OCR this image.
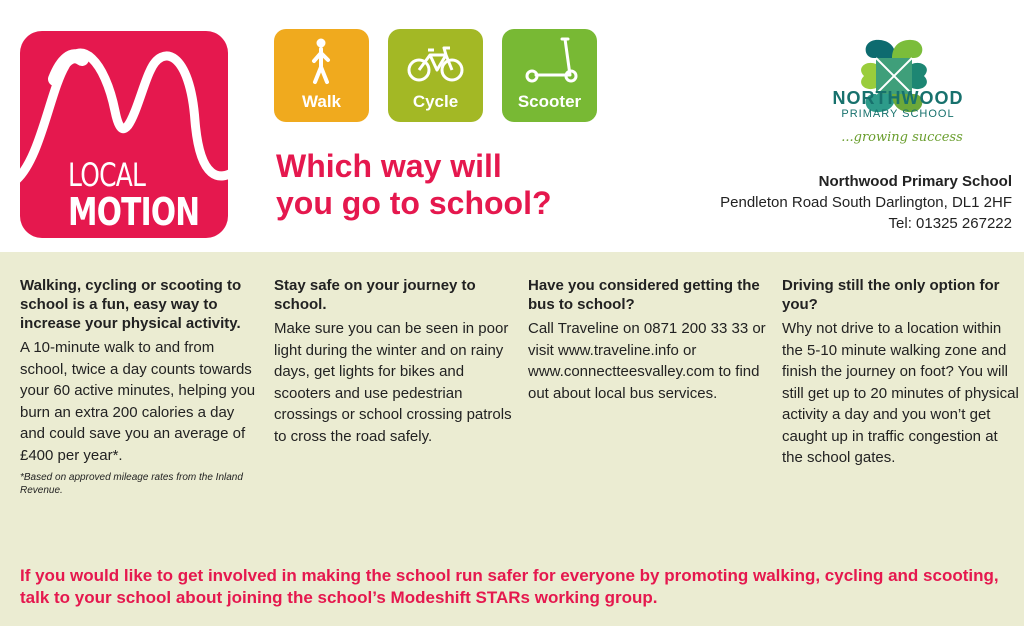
LOCAL
MOTION
Walk	Cycle	Scooter
Which way will
you go to school?
NORTHWOOD
PRIMARY SCHOOL
...growing success
Northwood Primary School
Pendleton Road South Darlington, DL1 2HF
Tel: 01325 267222
Walking, cycling or scooting to school is a fun, easy way to increase your physical activity.
A 10-minute walk to and from school, twice a day counts towards your 60 active minutes, helping you burn an extra 200 calories a day and could save you an average of £400 per year*.
*Based on approved mileage rates from the Inland Revenue.
Stay safe on your journey to school.
Make sure you can be seen in poor light during the winter and on rainy days, get lights for bikes and scooters and use pedestrian crossings or school crossing patrols to cross the road safely.
Have you considered getting the bus to school?
Call Traveline on 0871 200 33 33 or visit www.traveline.info or www.connectteesvalley.com to find out about local bus services.
Driving still the only option for you?
Why not drive to a location within the 5-10 minute walking zone and finish the journey on foot? You will still get up to 20 minutes of physical activity a day and you won’t get caught up in traffic congestion at the school gates.
If you would like to get involved in making the school run safer for everyone by promoting walking, cycling and scooting, talk to your school about joining the school’s Modeshift STARs working group.
